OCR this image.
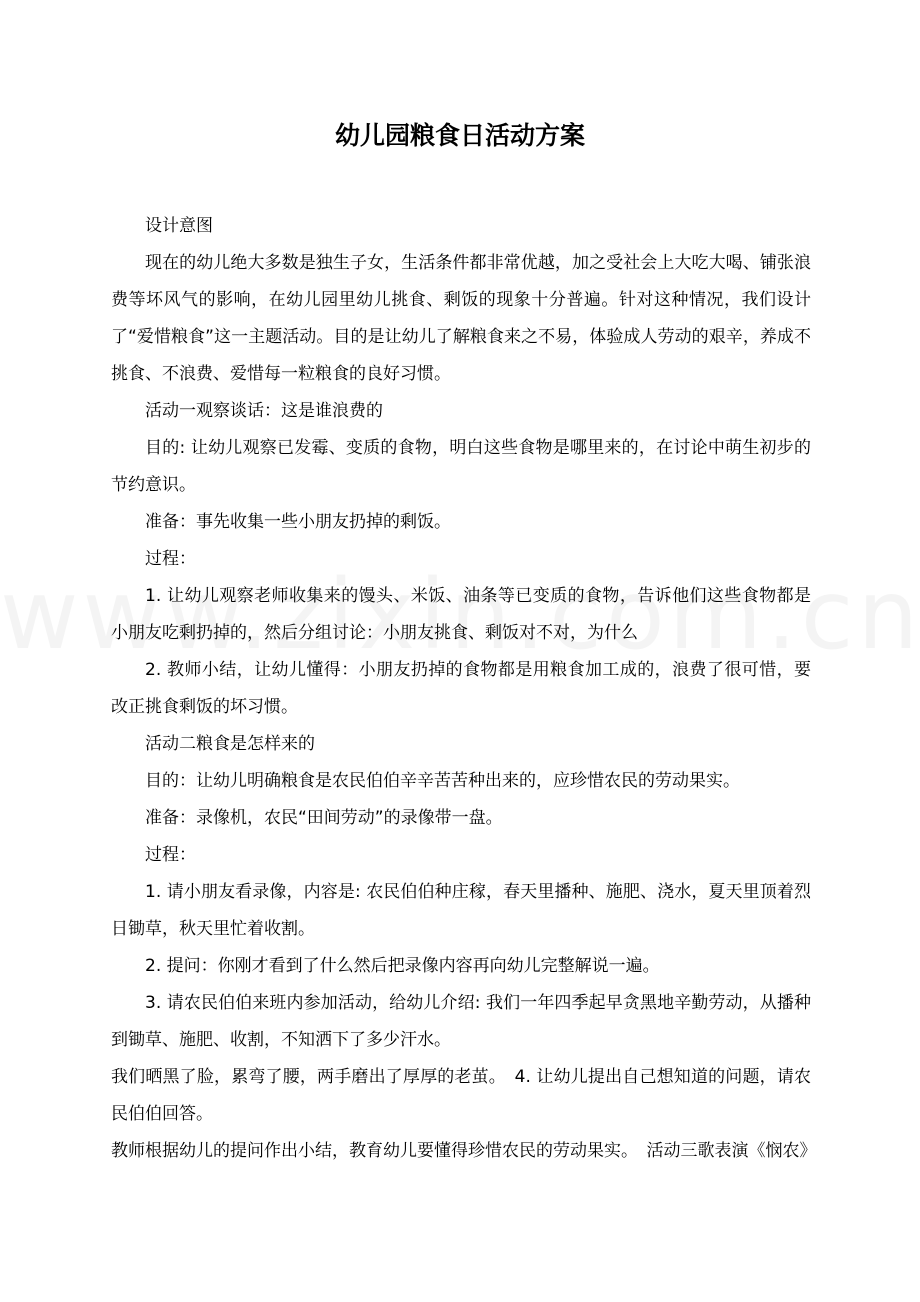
幼儿园粮食日活动方案

设计意图

现在的幼儿绝大多数是独生子女，生活条件都非常优越，加之受社会上大吃大喝、铺张浪费等坏风气的影响，在幼儿园里幼儿挑食、剩饭的现象十分普遍。针对这种情况，我们设计了“爱惜粮食”这一主题活动。目的是让幼儿了解粮食来之不易，体验成人劳动的艰辛，养成不挑食、不浪费、爱惜每一粒粮食的良好习惯。

活动一观察谈话：这是谁浪费的

目的: 让幼儿观察已发霉、变质的食物，明白这些食物是哪里来的，在讨论中萌生初步的节约意识。

准备：事先收集一些小朋友扔掉的剩饭。

过程：

1. 让幼儿观察老师收集来的馒头、米饭、油条等已变质的食物，告诉他们这些食物都是小朋友吃剩扔掉的，然后分组讨论：小朋友挑食、剩饭对不对，为什么

2. 教师小结，让幼儿懂得：小朋友扔掉的食物都是用粮食加工成的，浪费了很可惜，要改正挑食剩饭的坏习惯。

活动二粮食是怎样来的

目的：让幼儿明确粮食是农民伯伯辛辛苦苦种出来的，应珍惜农民的劳动果实。

准备：录像机，农民“田间劳动”的录像带一盘。

过程：

1. 请小朋友看录像，内容是: 农民伯伯种庄稼，春天里播种、施肥、浇水，夏天里顶着烈日锄草，秋天里忙着收割。

2. 提问：你刚才看到了什么然后把录像内容再向幼儿完整解说一遍。

3. 请农民伯伯来班内参加活动，给幼儿介绍: 我们一年四季起早贪黑地辛勤劳动，从播种到锄草、施肥、收割，不知洒下了多少汗水。

我们晒黑了脸，累弯了腰，两手磨出了厚厚的老茧。　4. 让幼儿提出自己想知道的问题，请农民伯伯回答。

教师根据幼儿的提问作出小结，教育幼儿要懂得珍惜农民的劳动果实。　活动三歌表演《悯农》
